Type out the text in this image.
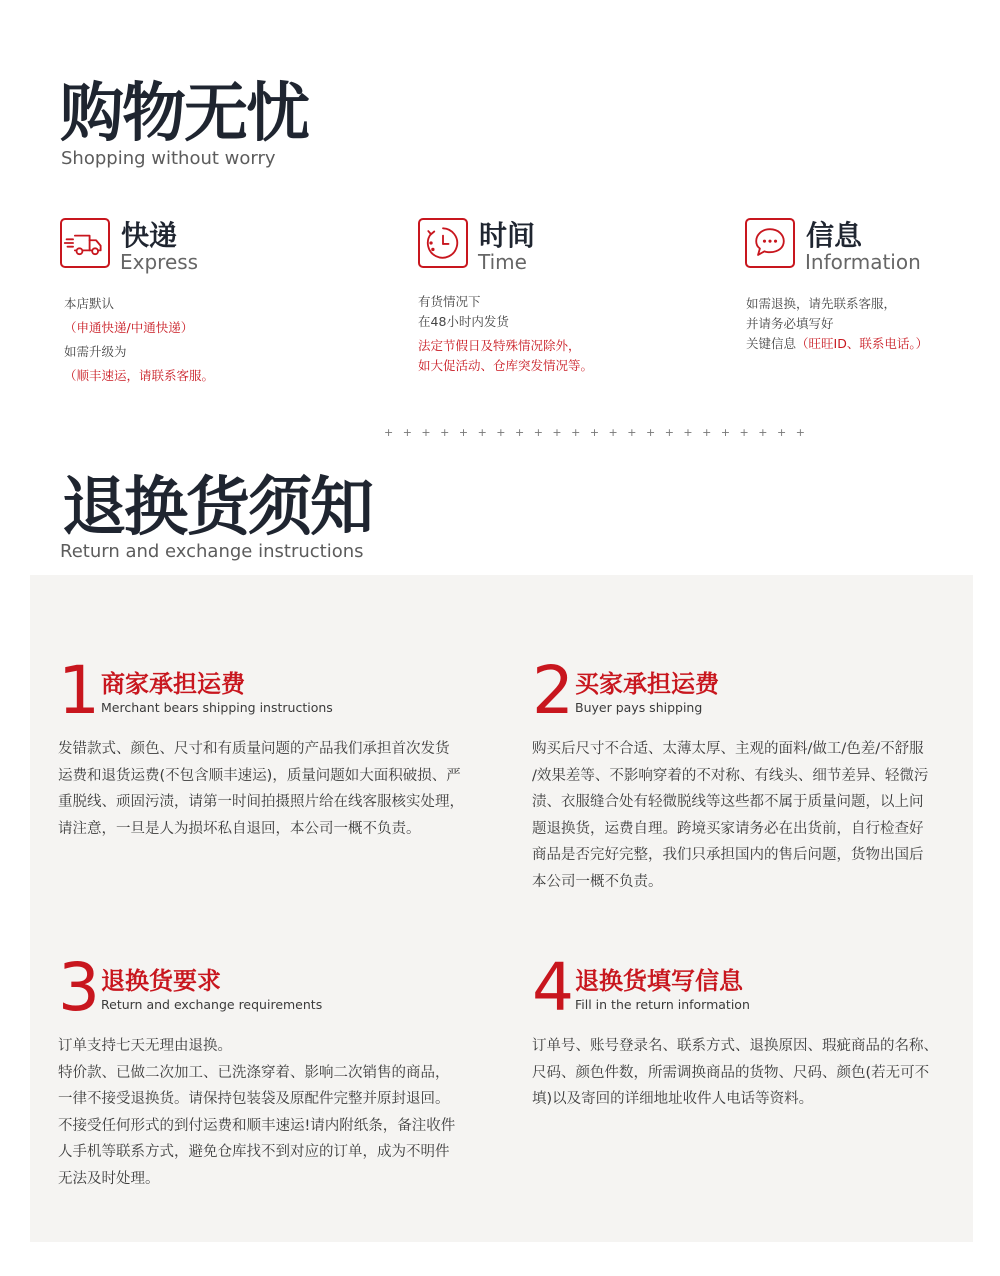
购物无忧
Shopping without worry
快递
Express
本店默认
（申通快递/中通快递）
如需升级为
（顺丰速运，请联系客服。
时间
Time
有货情况下
在48小时内发货
法定节假日及特殊情况除外，
如大促活动、仓库突发情况等。
信息
Information
如需退换，请先联系客服，
并请务必填写好
关键信息（旺旺ID、联系电话。）
+ + + + + + + + + + + + + + + + + + + + + + +
退换货须知
Return and exchange instructions
1 商家承担运费
Merchant bears shipping instructions

发错款式、颜色、尺寸和有质量问题的产品我们承担首次发货

运费和退货运费(不包含顺丰速运)，质量问题如大面积破损、严

重脱线、顽固污渍，请第一时间拍摄照片给在线客服核实处理，

请注意，一旦是人为损坏私自退回，本公司一概不负责。

2 买家承担运费
Buyer pays shipping

购买后尺寸不合适、太薄太厚、主观的面料/做工/色差/不舒服

/效果差等、不影响穿着的不对称、有线头、细节差异、轻微污

渍、衣服缝合处有轻微脱线等这些都不属于质量问题，以上问

题退换货，运费自理。跨境买家请务必在出货前，自行检查好

商品是否完好完整，我们只承担国内的售后问题，货物出国后

本公司一概不负责。

3 退换货要求
Return and exchange requirements

订单支持七天无理由退换。

特价款、已做二次加工、已洗涤穿着、影响二次销售的商品，

一律不接受退换货。请保持包装袋及原配件完整并原封退回。

不接受任何形式的到付运费和顺丰速运!请内附纸条，备注收件

人手机等联系方式，避免仓库找不到对应的订单，成为不明件

无法及时处理。

4 退换货填写信息
Fill in the return information

订单号、账号登录名、联系方式、退换原因、瑕疵商品的名称、

尺码、颜色件数，所需调换商品的货物、尺码、颜色(若无可不

填)以及寄回的详细地址收件人电话等资料。
